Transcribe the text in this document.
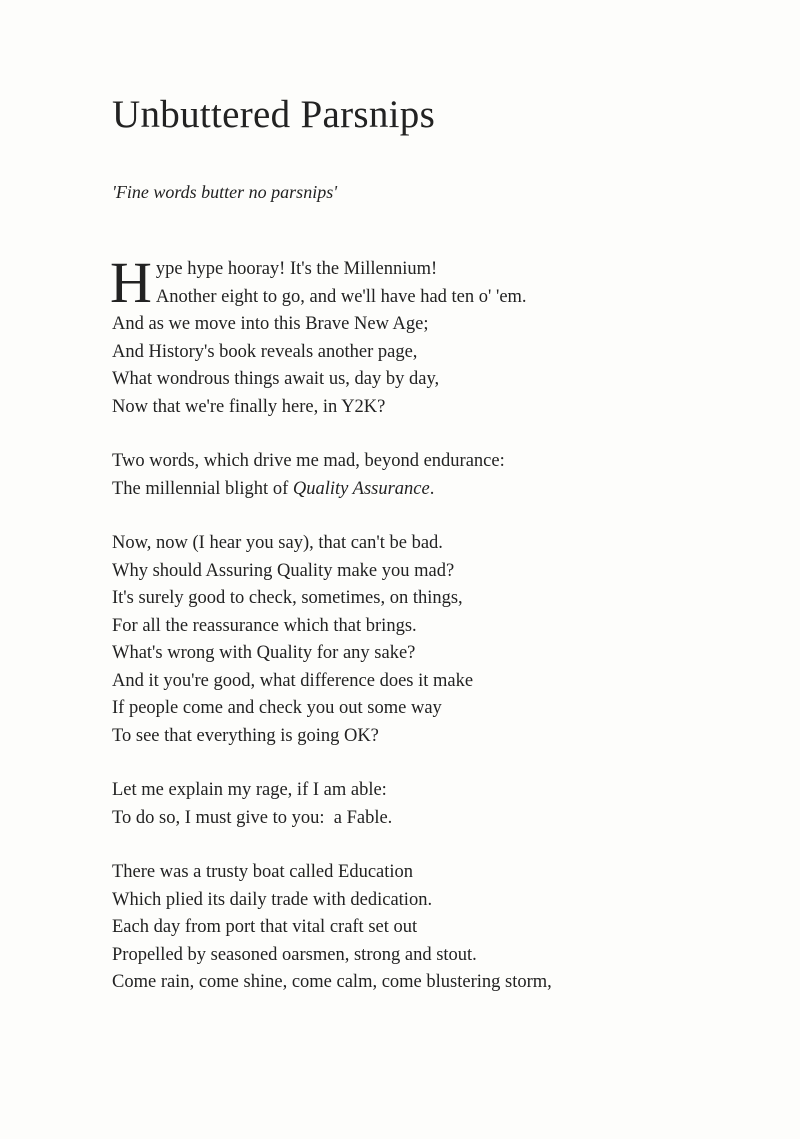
Unbuttered Parsnips

'Fine words butter no parsnips'

H ype hype hooray! It's the Millennium!
Another eight to go, and we'll have had ten o' 'em.
And as we move into this Brave New Age;
And History's book reveals another page,
What wondrous things await us, day by day,
Now that we're finally here, in Y2K?
Two words, which drive me mad, beyond endurance:
The millennial blight of Quality Assurance.
Now, now (I hear you say), that can't be bad.
Why should Assuring Quality make you mad?
It's surely good to check, sometimes, on things,
For all the reassurance which that brings.
What's wrong with Quality for any sake?
And it you're good, what difference does it make
If people come and check you out some way
To see that everything is going OK?
Let me explain my rage, if I am able:
To do so, I must give to you:  a Fable.
There was a trusty boat called Education
Which plied its daily trade with dedication.
Each day from port that vital craft set out
Propelled by seasoned oarsmen, strong and stout.
Come rain, come shine, come calm, come blustering storm,
